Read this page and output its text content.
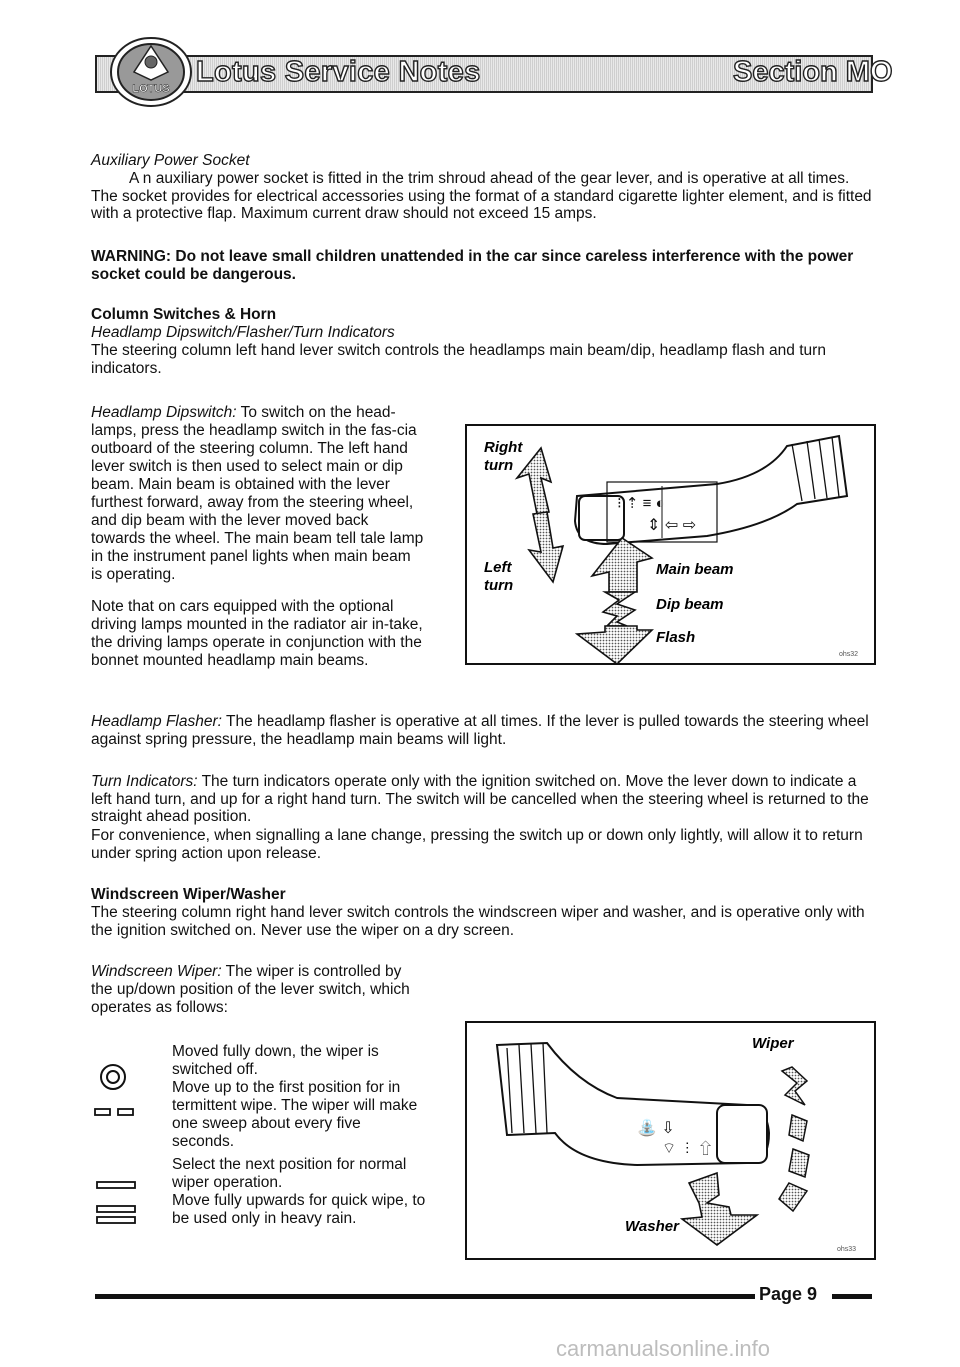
LOTUS
Lotus Service Notes	Section MO
Auxiliary Power Socket
A n auxiliary power socket is fitted in the trim shroud ahead of the gear lever, and is operative at all times. The socket provides for electrical accessories using the format of a standard cigarette lighter element, and is fitted with a protective flap. Maximum current draw should not exceed 15 amps.
WARNING: Do not leave small children unattended in the car since careless interference with the power socket could be dangerous.
Column Switches & Horn
Headlamp Dipswitch/Flasher/Turn Indicators
The steering column left hand lever switch controls the headlamps main beam/dip, headlamp flash and turn indicators.
Headlamp Dipswitch: To switch on the head-lamps, press the headlamp switch in the fas-cia outboard of the steering column. The left hand lever switch is then used to select main or dip beam. Main beam is obtained with the lever furthest forward, away from the steering wheel, and dip beam with the lever moved back towards the wheel. The main beam tell tale lamp in the instrument panel lights when main beam is operating.
Note that on cars equipped with the optional driving lamps mounted in the radiator air in-take, the driving lamps operate in conjunction with the bonnet mounted headlamp main beams.
⁝ ⇡ ≡ ◐
⇕ ⇦ ⇨
Right
turn
Left
turn
Main beam
Dip beam
Flash
ohs32
Headlamp Flasher: The headlamp flasher is operative at all times. If the lever is pulled towards the steering wheel against spring pressure, the headlamp main beams will light.
Turn Indicators: The turn indicators operate only with the ignition switched on. Move the lever down to indicate a left hand turn, and up for a right hand turn. The switch will be cancelled when the steering wheel is returned to the straight ahead position.
For convenience, when signalling a lane change, pressing the switch up or down only lightly, will allow it to return under spring action upon release.
Windscreen Wiper/Washer
The steering column right hand lever switch controls the windscreen wiper and washer, and is operative only with the ignition switched on. Never use the wiper on a dry screen.
Windscreen Wiper: The wiper is controlled by the up/down position of the lever switch, which operates as follows:
Moved fully down, the wiper is switched off.
Move up to the first position for in termittent wipe. The wiper will make one sweep about every five seconds.
Select the next position for normal wiper operation.
Move fully upwards for quick wipe, to be used only in heavy rain.
⛲ ⇩
⌔ ⋮ ⇧
Wiper
Washer
ohs33
Page 9
carmanualsonline.info
